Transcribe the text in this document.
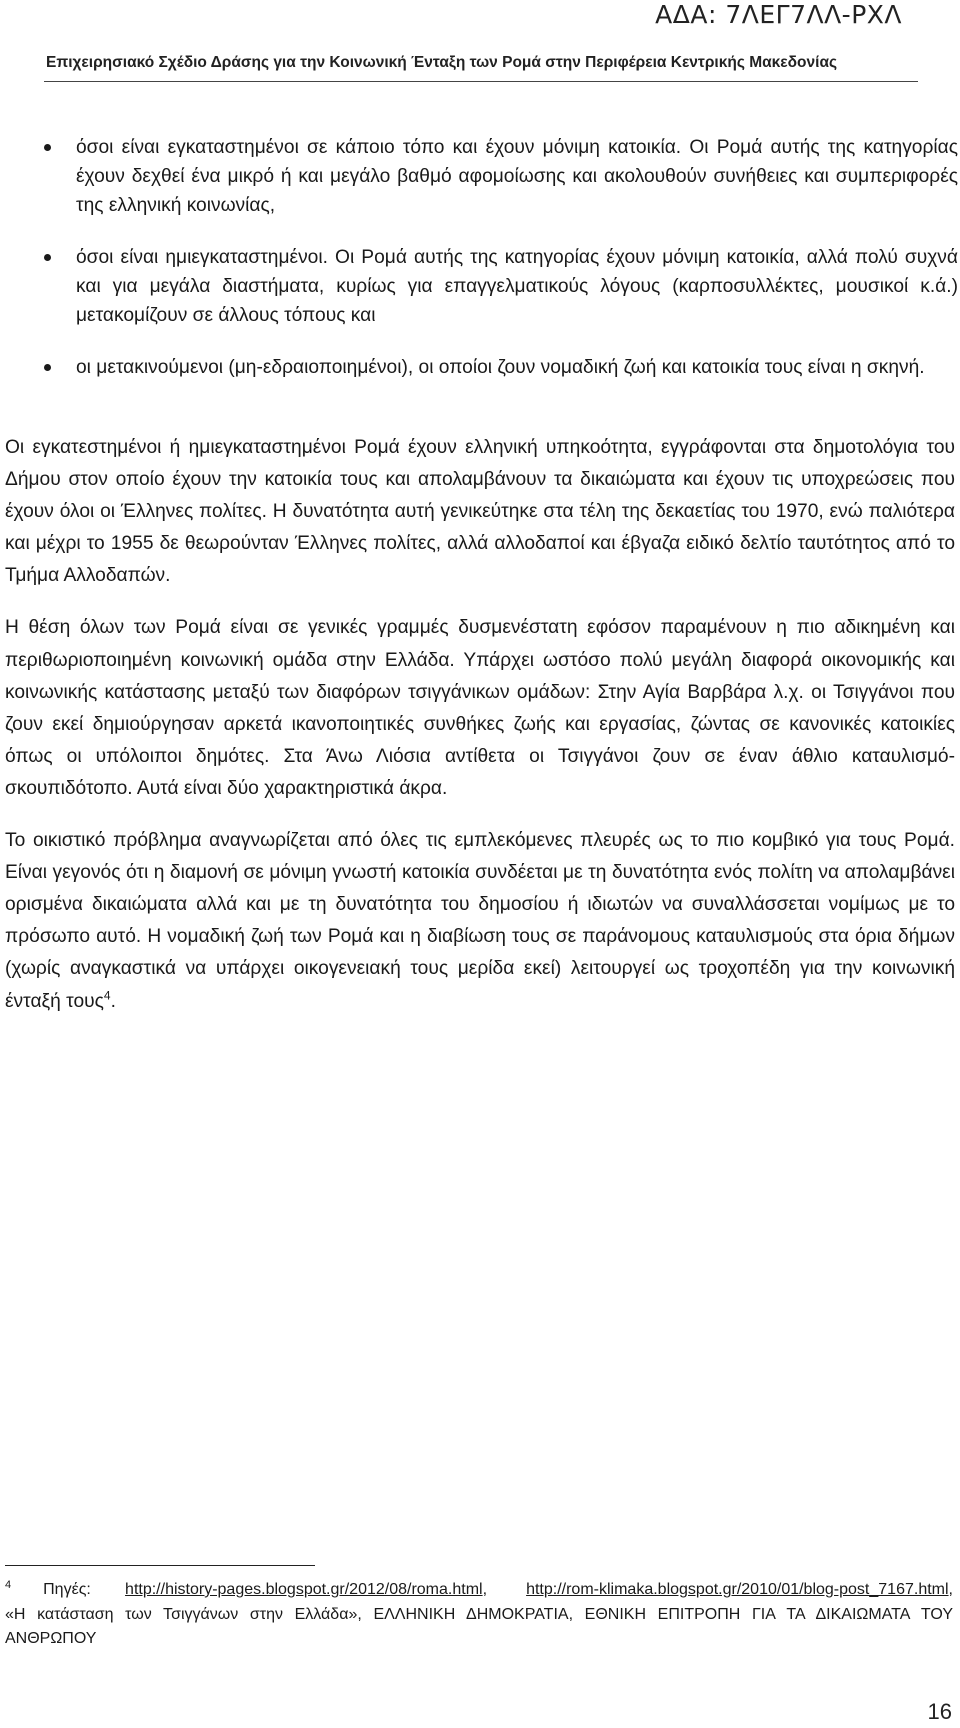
ΑΔΑ: 7ΛΕΓ7ΛΛ-ΡΧΛ
Επιχειρησιακό Σχέδιο Δράσης για την Κοινωνική Ένταξη των Ρομά στην Περιφέρεια Κεντρικής Μακεδονίας
όσοι είναι εγκαταστημένοι σε κάποιο τόπο και έχουν μόνιμη κατοικία. Οι Ρομά αυτής της κατηγορίας έχουν δεχθεί ένα μικρό ή και μεγάλο βαθμό αφομοίωσης και ακολουθούν συνήθειες και συμπεριφορές της ελληνική κοινωνίας,
όσοι είναι ημιεγκαταστημένοι. Οι Ρομά αυτής της κατηγορίας έχουν μόνιμη κατοικία, αλλά πολύ συχνά και για μεγάλα διαστήματα, κυρίως για επαγγελματικούς λόγους (καρποσυλλέκτες, μουσικοί κ.ά.) μετακομίζουν σε άλλους τόπους και
οι μετακινούμενοι (μη-εδραιοποιημένοι), οι οποίοι ζουν νομαδική ζωή και κατοικία τους είναι η σκηνή.

Οι εγκατεστημένοι ή ημιεγκαταστημένοι Ρομά έχουν ελληνική υπηκοότητα, εγγράφονται στα δημοτολόγια του Δήμου στον οποίο έχουν την κατοικία τους και απολαμβάνουν τα δικαιώματα και έχουν τις υποχρεώσεις που έχουν όλοι οι Έλληνες πολίτες. Η δυνατότητα αυτή γενικεύτηκε στα τέλη της δεκαετίας του 1970, ενώ παλιότερα και μέχρι το 1955 δε θεωρούνταν Έλληνες πολίτες, αλλά αλλοδαποί και έβγαζα ειδικό δελτίο ταυτότητος από το Τμήμα Αλλοδαπών.

Η θέση όλων των Ρομά είναι σε γενικές γραμμές δυσμενέστατη εφόσον παραμένουν η πιο αδικημένη και περιθωριοποιημένη κοινωνική ομάδα στην Ελλάδα. Υπάρχει ωστόσο πολύ μεγάλη διαφορά οικονομικής και κοινωνικής κατάστασης μεταξύ των διαφόρων τσιγγάνικων ομάδων: Στην Αγία Βαρβάρα λ.χ. οι Τσιγγάνοι που ζουν εκεί δημιούργησαν αρκετά ικανοποιητικές συνθήκες ζωής και εργασίας, ζώντας σε κανονικές κατοικίες όπως οι υπόλοιποι δημότες. Στα Άνω Λιόσια αντίθετα οι Τσιγγάνοι ζουν σε έναν άθλιο καταυλισμό-σκουπιδότοπο. Αυτά είναι δύο χαρακτηριστικά άκρα.

Το οικιστικό πρόβλημα αναγνωρίζεται από όλες τις εμπλεκόμενες πλευρές ως το πιο κομβικό για τους Ρομά. Είναι γεγονός ότι η διαμονή σε μόνιμη γνωστή κατοικία συνδέεται με τη δυνατότητα ενός πολίτη να απολαμβάνει ορισμένα δικαιώματα αλλά και με τη δυνατότητα του δημοσίου ή ιδιωτών να συναλλάσσεται νομίμως με το πρόσωπο αυτό. Η νομαδική ζωή των Ρομά και η διαβίωση τους σε παράνομους καταυλισμούς στα όρια δήμων (χωρίς αναγκαστικά να υπάρχει οικογενειακή τους μερίδα εκεί) λειτουργεί ως τροχοπέδη για την κοινωνική ένταξή τους$^4$.

$^4$ Πηγές: http://history-pages.blogspot.gr/2012/08/roma.html, http://rom-klimaka.blogspot.gr/2010/01/blog-post_7167.html, «Η κατάσταση των Τσιγγάνων στην Ελλάδα», ΕΛΛΗΝΙΚΗ ΔΗΜΟΚΡΑΤΙΑ, ΕΘΝΙΚΗ ΕΠΙΤΡΟΠΗ ΓΙΑ ΤΑ ΔΙΚΑΙΩΜΑΤΑ ΤΟΥ ΑΝΘΡΩΠΟΥ
16
